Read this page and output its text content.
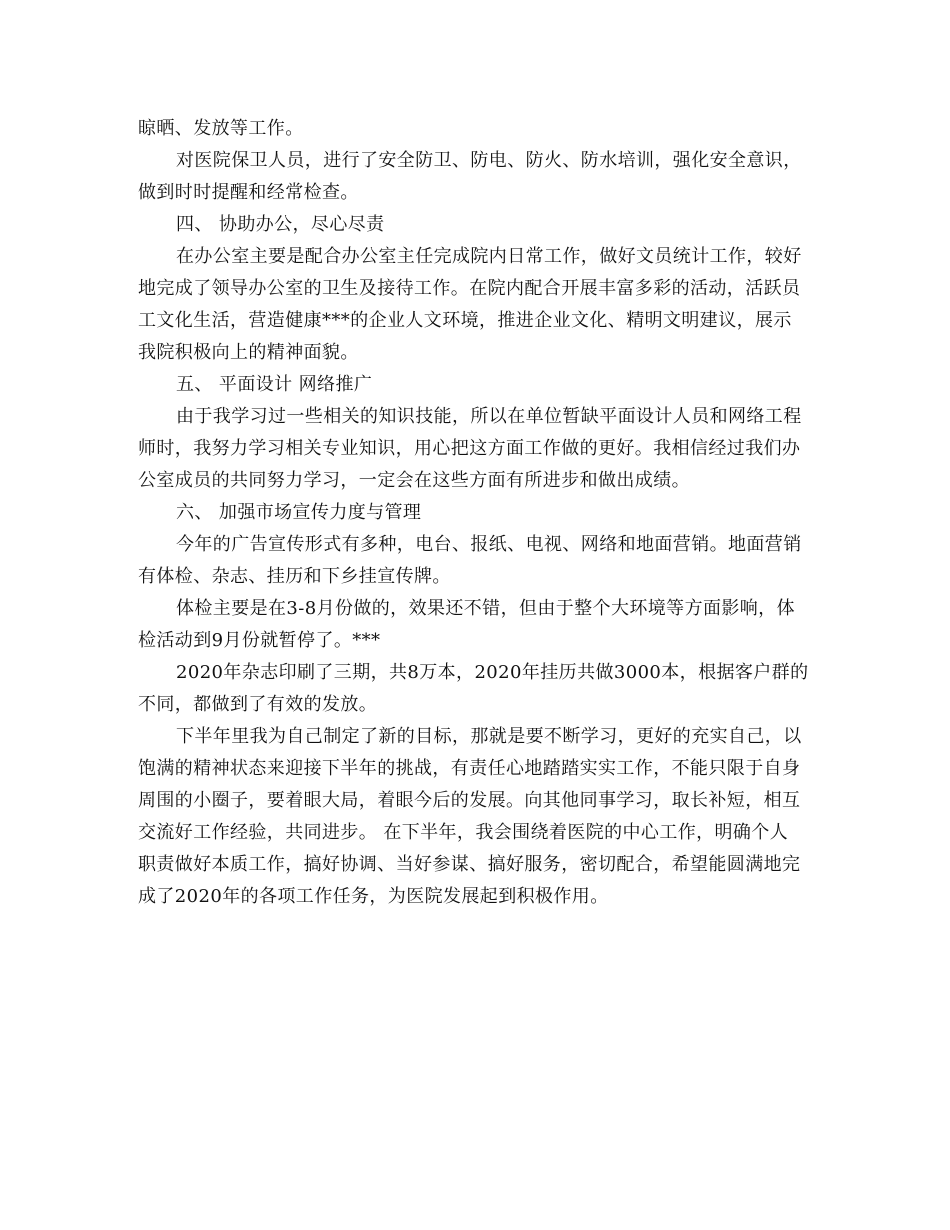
晾晒、发放等工作。
对医院保卫人员，进行了安全防卫、防电、防火、防水培训，强化安全意识，
做到时时提醒和经常检查。
四、 协助办公，尽心尽责
在办公室主要是配合办公室主任完成院内日常工作，做好文员统计工作，较好
地完成了领导办公室的卫生及接待工作。在院内配合开展丰富多彩的活动，活跃员
工文化生活，营造健康***的企业人文环境，推进企业文化、精明文明建议，展示
我院积极向上的精神面貌。
五、 平面设计 网络推广
由于我学习过一些相关的知识技能，所以在单位暂缺平面设计人员和网络工程
师时，我努力学习相关专业知识，用心把这方面工作做的更好。我相信经过我们办
公室成员的共同努力学习，一定会在这些方面有所进步和做出成绩。
六、 加强市场宣传力度与管理
今年的广告宣传形式有多种，电台、报纸、电视、网络和地面营销。地面营销
有体检、杂志、挂历和下乡挂宣传牌。
体检主要是在3-8月份做的，效果还不错，但由于整个大环境等方面影响，体
检活动到9月份就暂停了。***
2020年杂志印刷了三期，共8万本，2020年挂历共做3000本，根据客户群的
不同，都做到了有效的发放。
下半年里我为自己制定了新的目标，那就是要不断学习，更好的充实自己，以
饱满的精神状态来迎接下半年的挑战，有责任心地踏踏实实工作，不能只限于自身
周围的小圈子，要着眼大局，着眼今后的发展。向其他同事学习，取长补短，相互
交流好工作经验，共同进步。 在下半年，我会围绕着医院的中心工作，明确个人
职责做好本质工作，搞好协调、当好参谋、搞好服务，密切配合，希望能圆满地完
成了2020年的各项工作任务，为医院发展起到积极作用。
